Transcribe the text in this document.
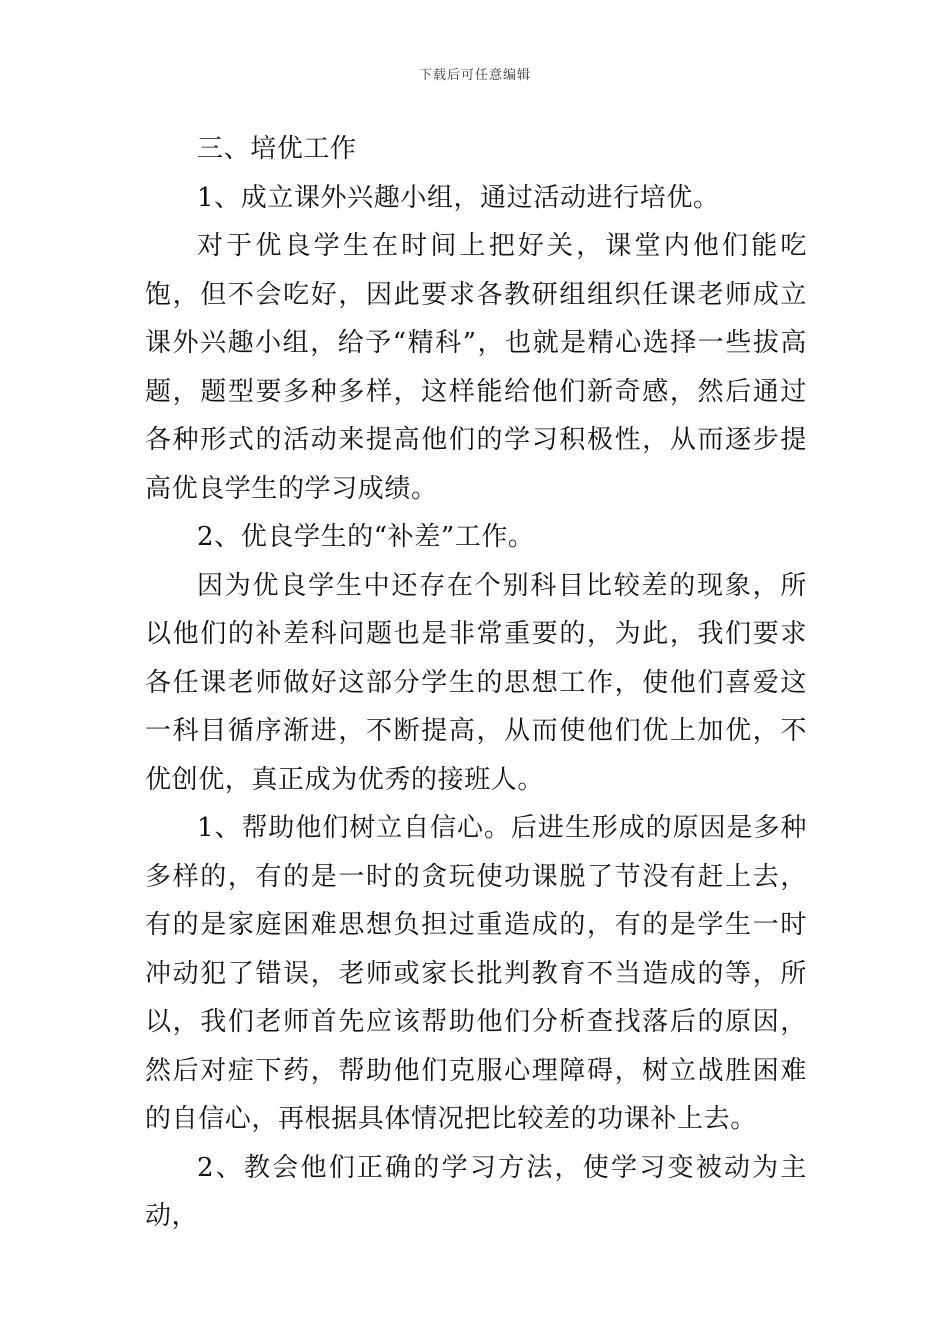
下载后可任意编辑

三、培优工作

1、成立课外兴趣小组，通过活动进行培优。

对于优良学生在时间上把好关，课堂内他们能吃饱，但不会吃好，因此要求各教研组组织任课老师成立课外兴趣小组，给予“精科”，也就是精心选择一些拔高题，题型要多种多样，这样能给他们新奇感，然后通过各种形式的活动来提高他们的学习积极性，从而逐步提高优良学生的学习成绩。

2、优良学生的“补差”工作。

因为优良学生中还存在个别科目比较差的现象，所以他们的补差科问题也是非常重要的，为此，我们要求各任课老师做好这部分学生的思想工作，使他们喜爱这一科目循序渐进，不断提高，从而使他们优上加优，不优创优，真正成为优秀的接班人。

1、帮助他们树立自信心。后进生形成的原因是多种多样的，有的是一时的贪玩使功课脱了节没有赶上去，有的是家庭困难思想负担过重造成的，有的是学生一时冲动犯了错误，老师或家长批判教育不当造成的等，所以，我们老师首先应该帮助他们分析查找落后的原因，然后对症下药，帮助他们克服心理障碍，树立战胜困难的自信心，再根据具体情况把比较差的功课补上去。

2、教会他们正确的学习方法，使学习变被动为主动，
